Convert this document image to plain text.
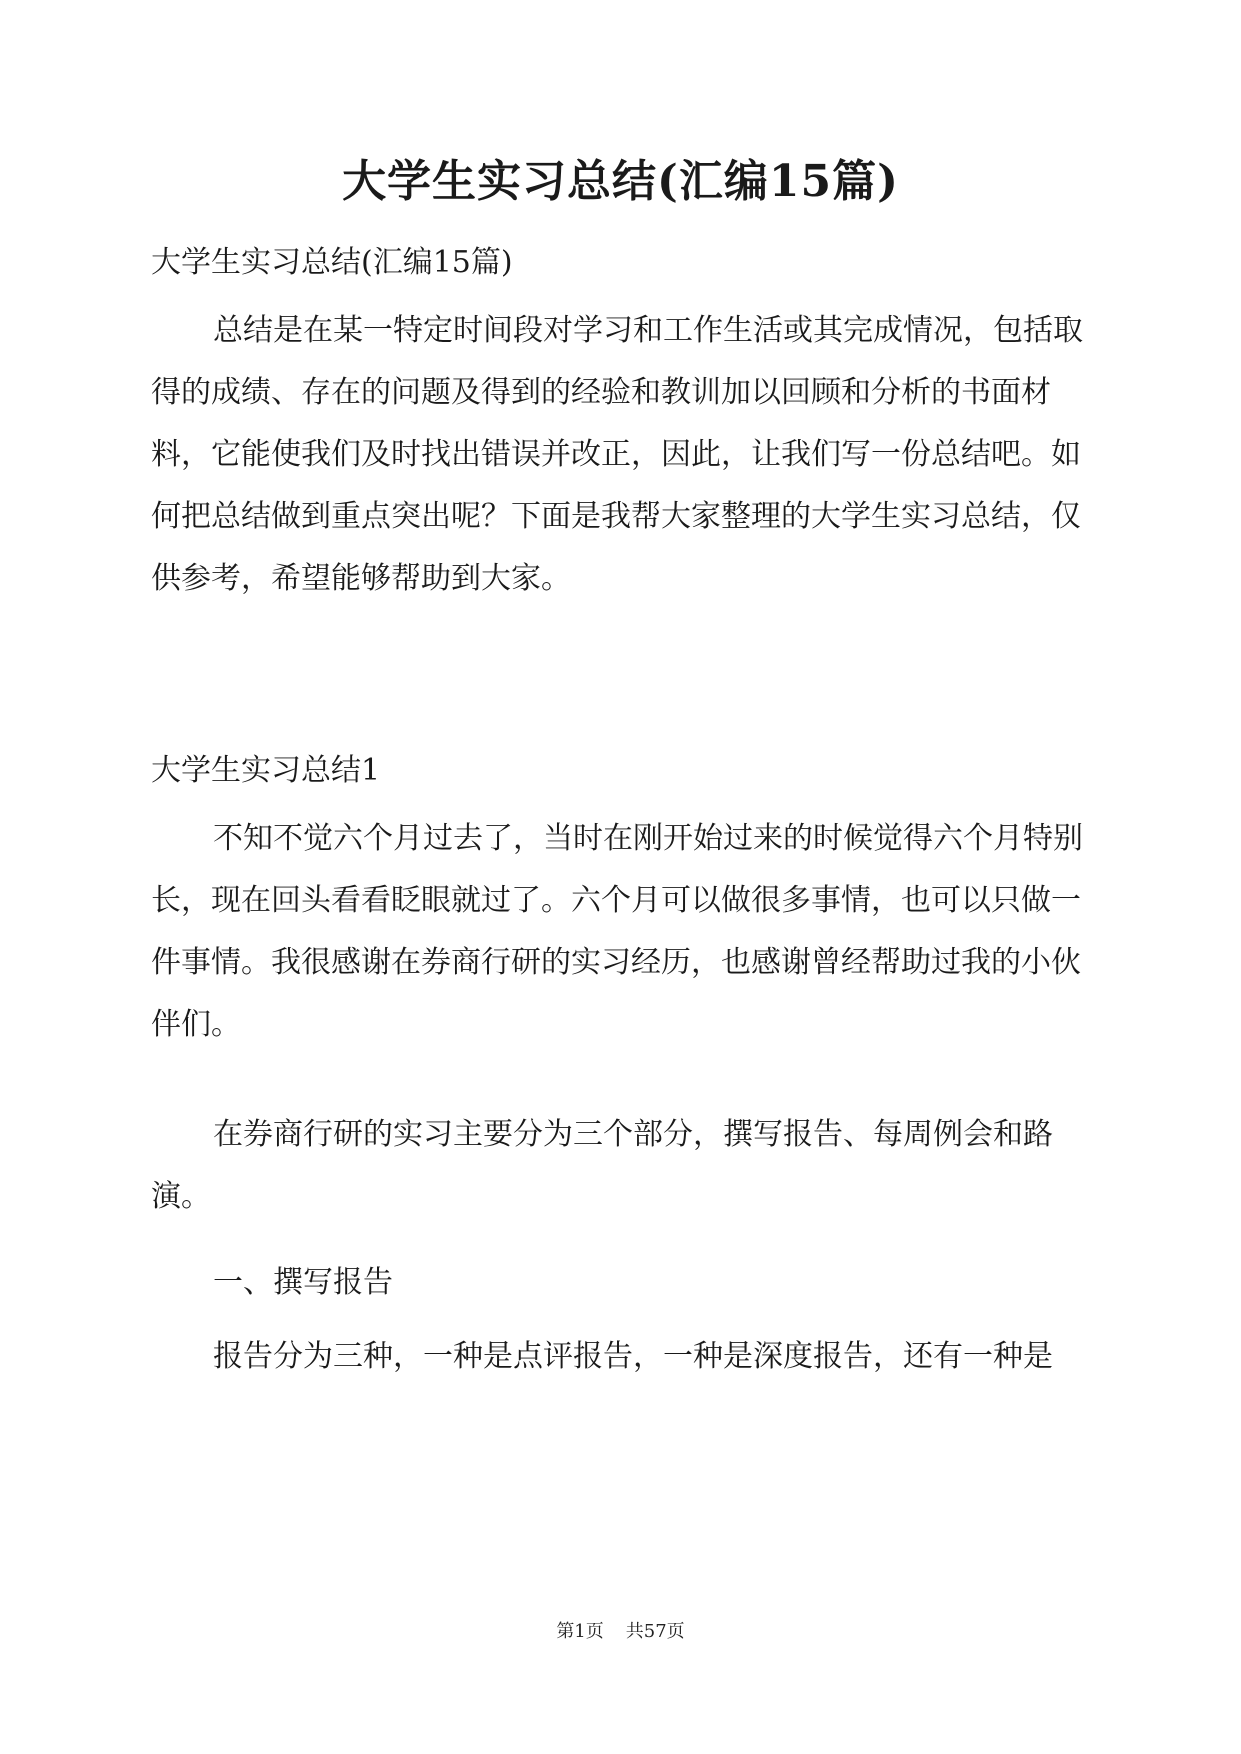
大学生实习总结(汇编15篇)

大学生实习总结(汇编15篇)

总结是在某一特定时间段对学习和工作生活或其完成情况，包括取得的成绩、存在的问题及得到的经验和教训加以回顾和分析的书面材料，它能使我们及时找出错误并改正，因此，让我们写一份总结吧。如何把总结做到重点突出呢？下面是我帮大家整理的大学生实习总结，仅供参考，希望能够帮助到大家。

大学生实习总结1

不知不觉六个月过去了，当时在刚开始过来的时候觉得六个月特别长，现在回头看看眨眼就过了。六个月可以做很多事情，也可以只做一件事情。我很感谢在券商行研的实习经历，也感谢曾经帮助过我的小伙伴们。

在券商行研的实习主要分为三个部分，撰写报告、每周例会和路演。

一、撰写报告

报告分为三种，一种是点评报告，一种是深度报告，还有一种是

第1页 共57页
